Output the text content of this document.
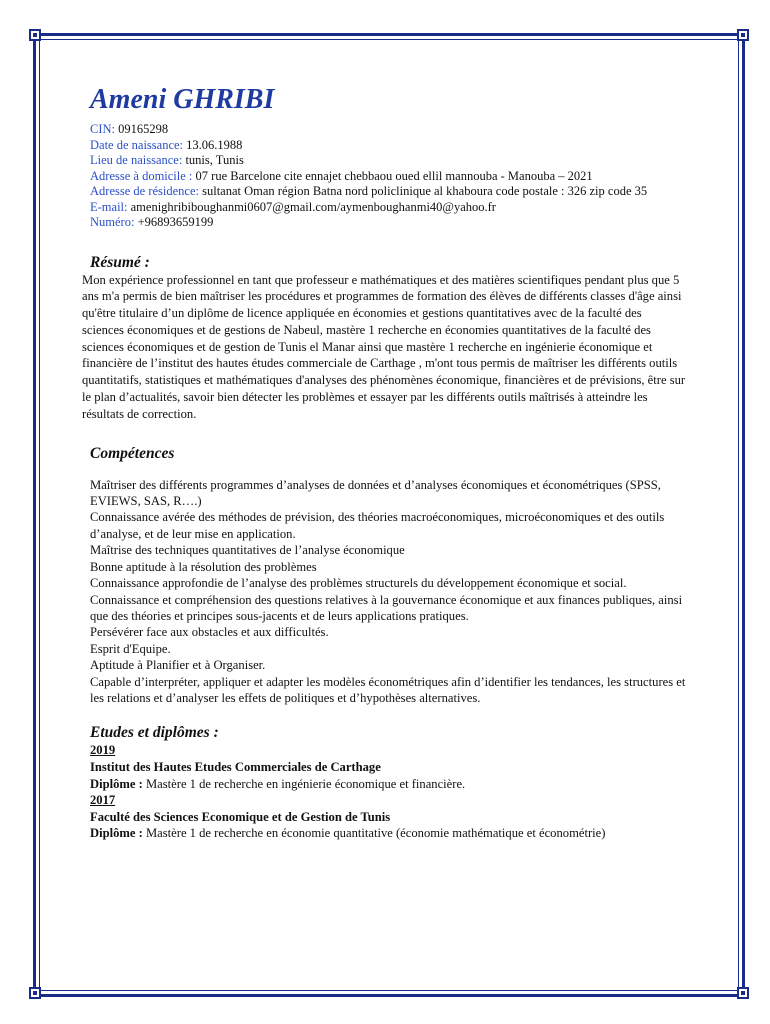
Ameni GHRIBI
CIN: 09165298
Date de naissance: 13.06.1988
Lieu de naissance: tunis, Tunis
Adresse à domicile : 07 rue Barcelone cite ennajet chebbaou oued ellil mannouba - Manouba – 2021
Adresse de résidence: sultanat Oman région Batna nord policlinique al khaboura code postale : 326 zip code 35
E-mail: amenighribiboughanmi0607@gmail.com/aymenboughanmi40@yahoo.fr
Numéro: +96893659199
Résumé :
Mon expérience professionnel en tant que professeur e mathématiques et des matières scientifiques pendant plus que 5 ans m'a permis de bien maîtriser les procédures et programmes de formation des élèves de différents classes d'âge ainsi qu'être titulaire d’un diplôme de licence appliquée en économies et gestions quantitatives avec de la faculté des sciences économiques et de gestions de Nabeul, mastère 1 recherche en économies quantitatives de la faculté des sciences économiques et de gestion de Tunis el Manar ainsi que mastère 1 recherche en ingénierie économique et financière de l’institut des hautes études commerciale de Carthage , m'ont tous permis de maîtriser les différents outils quantitatifs, statistiques et mathématiques d'analyses des phénomènes économique, financières et de prévisions, être sur le plan d’actualités, savoir bien détecter les problèmes et essayer par les différents outils maîtrisés à atteindre les résultats de correction.
Compétences
Maîtriser des différents programmes d’analyses de données et d’analyses économiques et économétriques (SPSS, EVIEWS, SAS, R….)
Connaissance avérée des méthodes de prévision, des théories macroéconomiques, microéconomiques et des outils d’analyse, et de leur mise en application.
Maîtrise des techniques quantitatives de l’analyse économique
Bonne aptitude à la résolution des problèmes
Connaissance approfondie de l’analyse des problèmes structurels du développement économique et social.
Connaissance et compréhension des questions relatives à la gouvernance économique et aux finances publiques, ainsi que des théories et principes sous-jacents et de leurs applications pratiques.
Persévérer face aux obstacles et aux difficultés.
Esprit d'Equipe.
Aptitude à Planifier et à Organiser.
Capable d’interpréter, appliquer et adapter les modèles économétriques afin d’identifier les tendances, les structures et les relations et d’analyser les effets de politiques et d’hypothèses alternatives.
Etudes et diplômes :
2019
Institut des Hautes Etudes Commerciales de Carthage
Diplôme : Mastère 1 de recherche en ingénierie économique et financière.
2017
Faculté des Sciences Economique et de Gestion de Tunis
Diplôme : Mastère 1 de recherche en économie quantitative (économie mathématique et économétrie)
